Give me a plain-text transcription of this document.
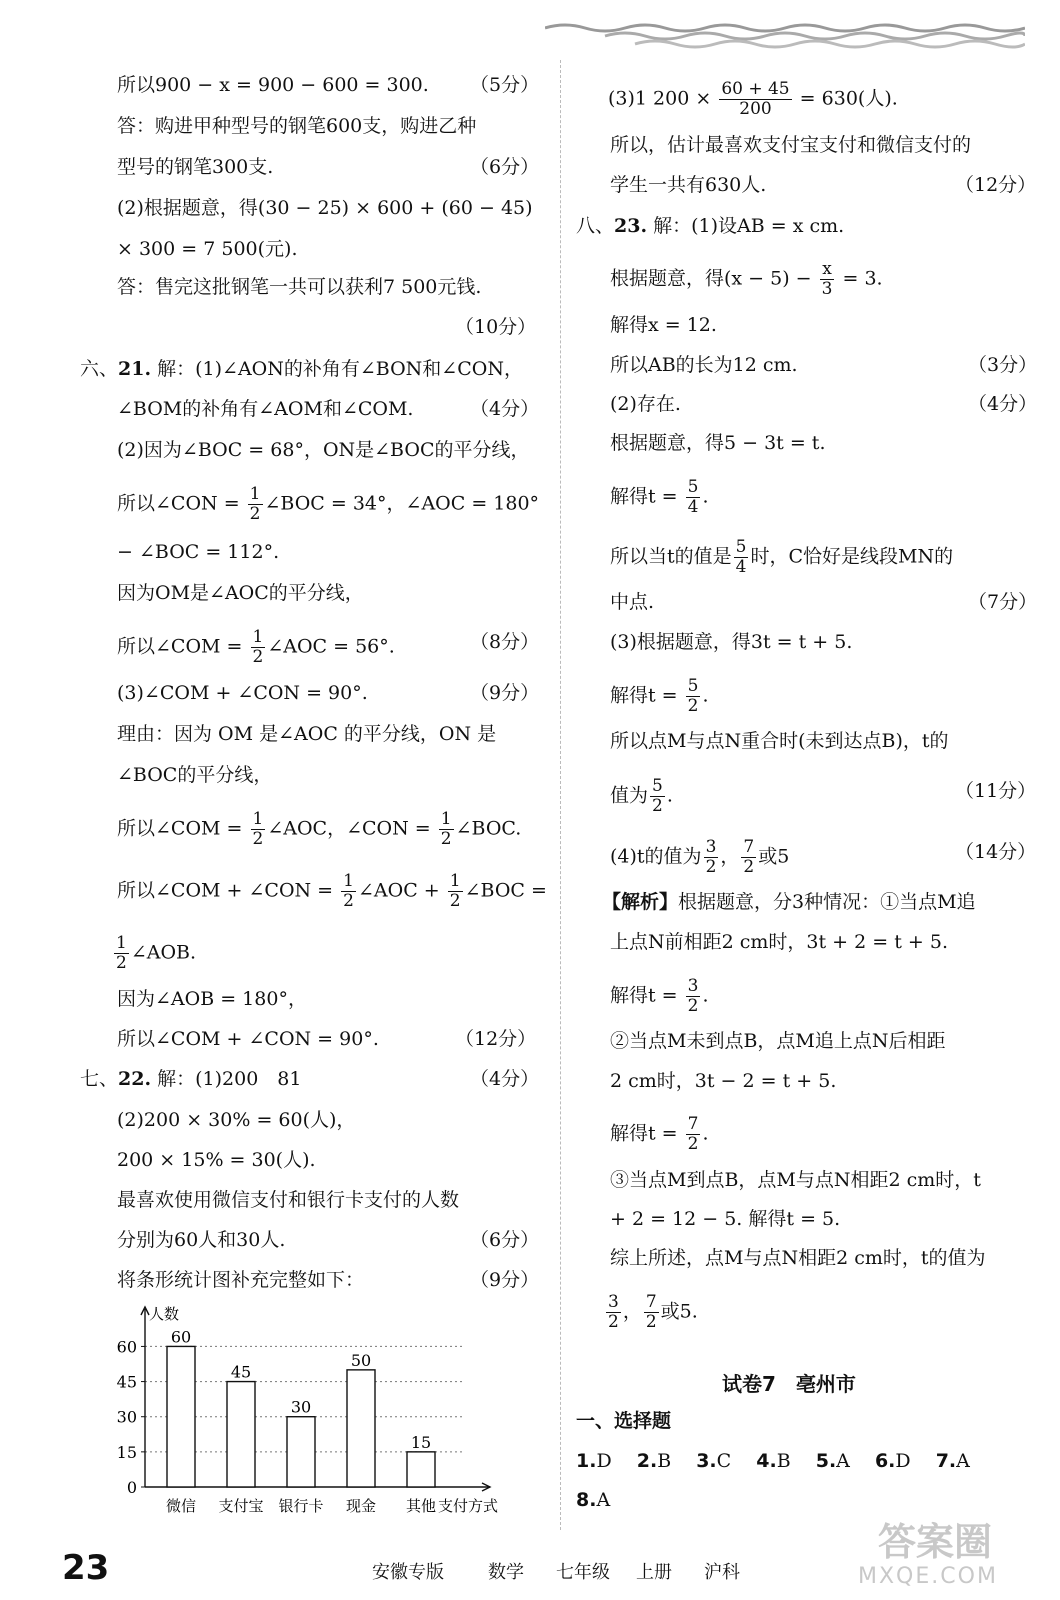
所以900 − x = 900 − 600 = 300. （5分）
答：购进甲种型号的钢笔600支，购进乙种
型号的钢笔300支.	（6分）
(2)根据题意，得(30 − 25) × 600 + (60 − 45)
× 300 = 7 500(元).
答：售完这批钢笔一共可以获利7 500元钱.
（10分）
六、21. 解：(1)∠AON的补角有∠BON和∠CON，
∠BOM的补角有∠AOM和∠COM.	（4分）
(2)因为∠BOC = 68°，ON是∠BOC的平分线，
所以∠CON = $\frac{1}{2}$ ∠BOC = 34°，∠AOC = 180°
− ∠BOC = 112°.
因为OM是∠AOC的平分线，
所以∠COM = $\frac{1}{2}$ ∠AOC = 56°.	（8分）
(3)∠COM + ∠CON = 90°.	（9分）
理由：因为 OM 是∠AOC 的平分线，ON 是
∠BOC的平分线，
所以∠COM = $\frac{1}{2}$ ∠AOC，∠CON = $\frac{1}{2}$ ∠BOC.
所以∠COM + ∠CON = $\frac{1}{2}$ ∠AOC + $\frac{1}{2}$ ∠BOC =
$\frac{1}{2}$ ∠AOB.
因为∠AOB = 180°，
所以∠COM + ∠CON = 90°.	（12分）
七、22. 解：(1)200　81	（4分）
(2)200 × 30% = 60(人)，
200 × 15% = 30(人).
最喜欢使用微信支付和银行卡支付的人数
分别为60人和30人.	（6分）
将条形统计图补充完整如下：	（9分）
0
15
30
45
60
人数
60
微信
45
支付宝
30
银行卡
50
现金
15
其他 支付方式
(3)1 $200 \times \frac{60 + 45}{200} = 630$(人).
所以，估计最喜欢支付宝支付和微信支付的
学生一共有630人.	（12分）
八、23. 解：(1)设AB = x cm.
根据题意，得$(x - 5) - \frac{x}{3} = 3$.
解得x = 12.
所以AB的长为12 cm.	（3分）
(2)存在.	（4分）
根据题意，得5 − 3t = t.
解得$t = \frac{5}{4}$ .
所以当t的值是 $\frac{5}{4}$ 时，C恰好是线段MN的
中点.	（7分）
(3)根据题意，得3t = t + 5.
解得$t = \frac{5}{2}$ .
所以点M与点N重合时(未到达点B)，t的
值为 $\frac{5}{2}$ .	（11分）
(4)t的值为 $\frac{3}{2}$ ， $\frac{7}{2}$ 或5	（14分）
【解析】根据题意，分3种情况：①当点M追
上点N前相距2 cm时，3t + 2 = t + 5.
解得$t = \frac{3}{2}$ .
②当点M未到点B，点M追上点N后相距
2 cm时，3t − 2 = t + 5.
解得$t = \frac{7}{2}$ .
③当点M到点B，点M与点N相距2 cm时，t
+ 2 = 12 − 5. 解得t = 5.
综上所述，点M与点N相距2 cm时，t的值为
$\frac{3}{2}$ ， $\frac{7}{2}$ 或5.
试卷7　亳州市
一、选择题
1.D　 2.B　 3.C　 4.B　 5.A　 6.D　 7.A
8.A
23	安徽专版 数学 七年级 上册 沪科
答案圈
MXQE.COM
